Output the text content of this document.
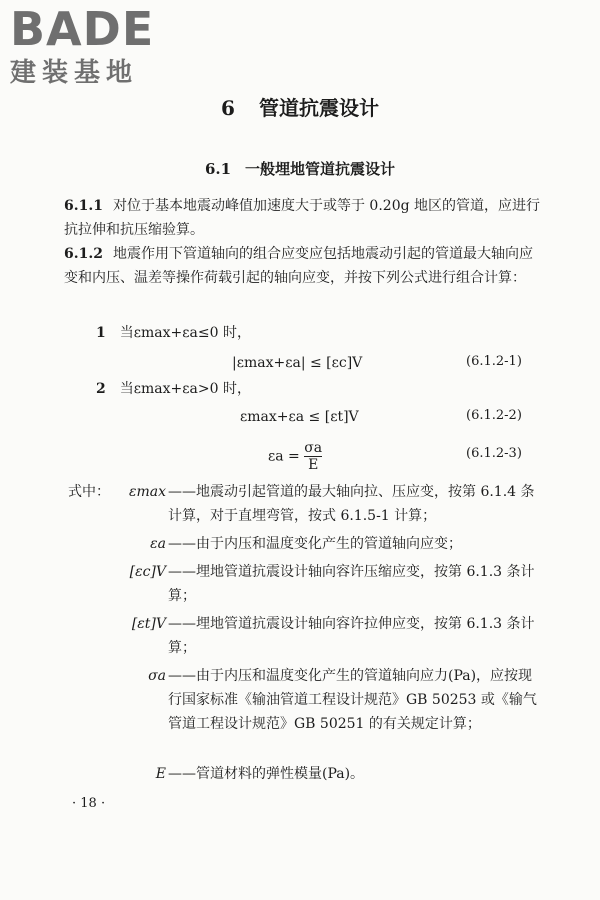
BADE
建装基地
6 管道抗震设计
6.1 一般埋地管道抗震设计
6.1.1 对位于基本地震动峰值加速度大于或等于 0.20g 地区的管道，应进行抗拉伸和抗压缩验算。
6.1.2 地震作用下管道轴向的组合应变应包括地震动引起的管道最大轴向应变和内压、温差等操作荷载引起的轴向应变，并按下列公式进行组合计算：
1 当εmax+εa≤0 时，
|εmax+εa| ≤ [εc]V	(6.1.2-1)
2 当εmax+εa>0 时，
εmax+εa ≤ [εt]V	(6.1.2-2)
$\varepsilon a = \frac{\sigma a}{E}$	(6.1.2-3)
式中：	εmax ——地震动引起管道的最大轴向拉、压应变，按第 6.1.4 条计算，对于直埋弯管，按式 6.1.5-1 计算；
εa ——由于内压和温度变化产生的管道轴向应变；
[εc]V ——埋地管道抗震设计轴向容许压缩应变，按第 6.1.3 条计算；
[εt]V ——埋地管道抗震设计轴向容许拉伸应变，按第 6.1.3 条计算；
σa ——由于内压和温度变化产生的管道轴向应力(Pa)，应按现行国家标准《输油管道工程设计规范》GB 50253 或《输气管道工程设计规范》GB 50251 的有关规定计算；
E ——管道材料的弹性模量(Pa)。
· 18 ·
